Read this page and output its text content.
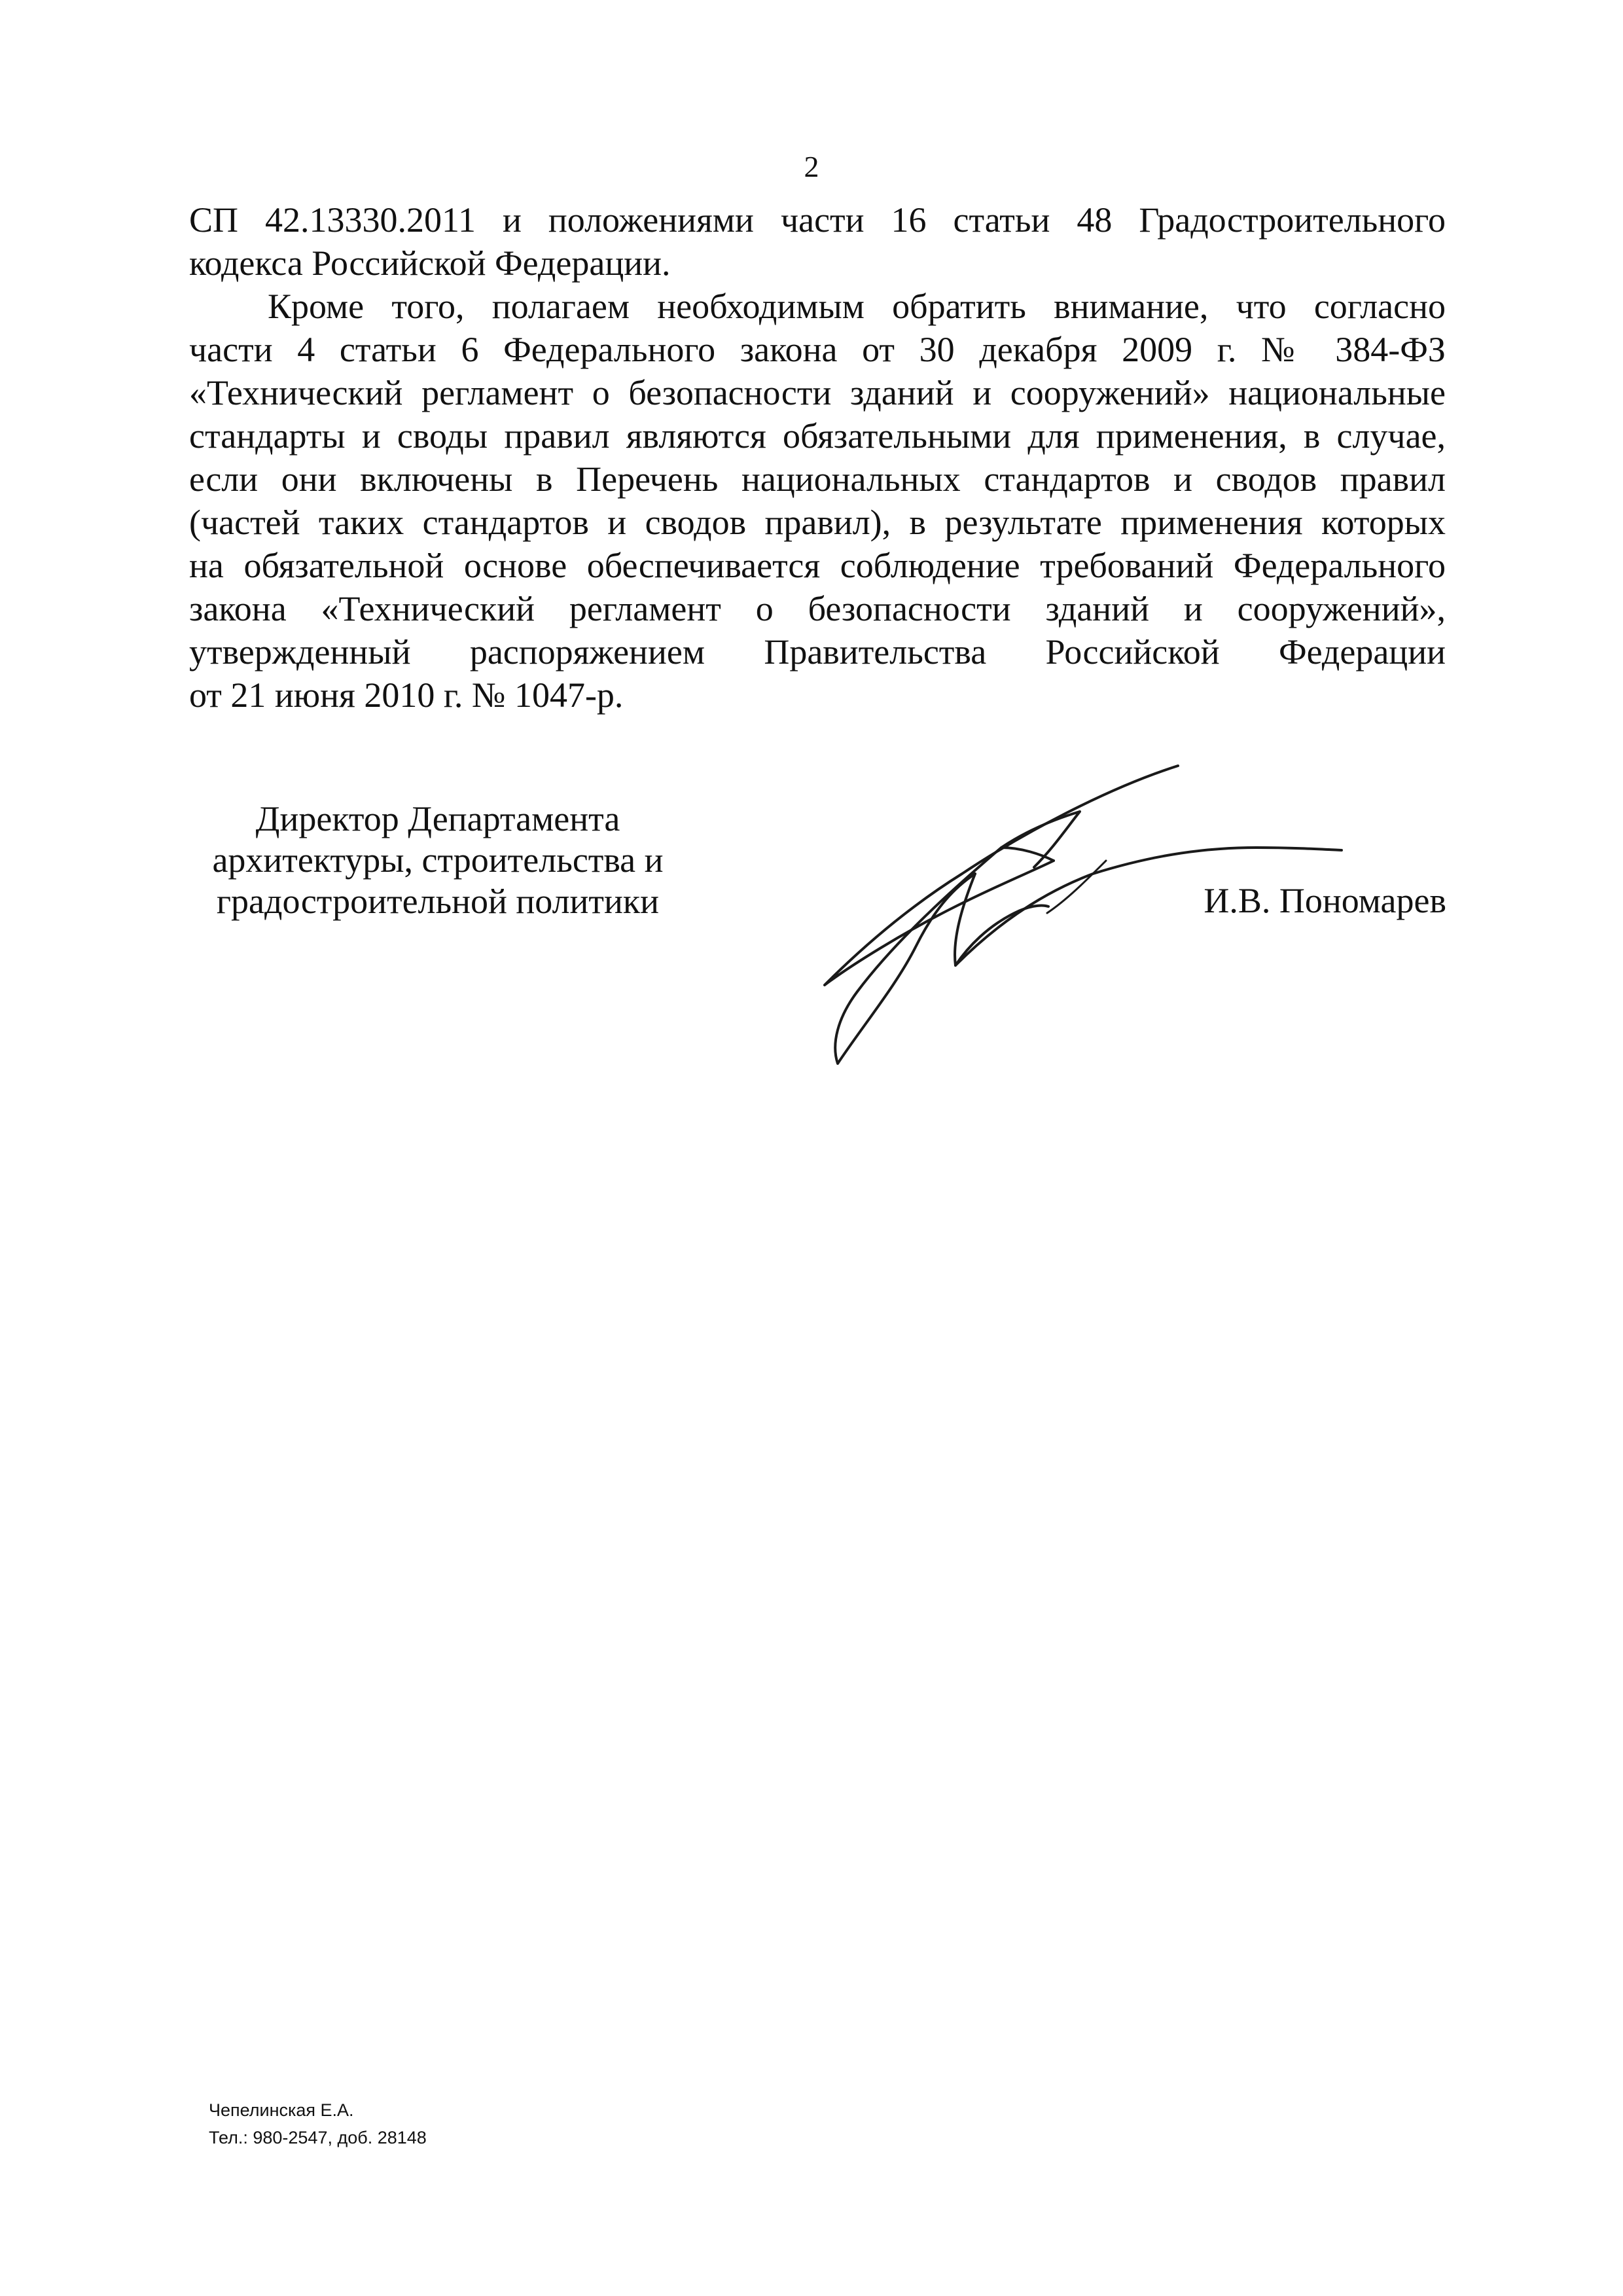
2

СП 42.13330.2011 и положениями части 16 статьи 48 Градостроительного
кодекса Российской Федерации.

Кроме того, полагаем необходимым обратить внимание, что согласно
части 4 статьи 6 Федерального закона от 30 декабря 2009 г. № 384-ФЗ
«Технический регламент о безопасности зданий и сооружений» национальные
стандарты и своды правил являются обязательными для применения, в случае,
если они включены в Перечень национальных стандартов и сводов правил
(частей таких стандартов и сводов правил), в результате применения которых
на обязательной основе обеспечивается соблюдение требований Федерального
закона «Технический регламент о безопасности зданий и сооружений»,
утвержденный распоряжением Правительства Российской Федерации
от 21 июня 2010 г. № 1047-р.

Директор Департамента
архитектуры, строительства и
градостроительной политики	И.В. Пономарев
Чепелинская Е.А.
Тел.: 980-2547, доб. 28148
